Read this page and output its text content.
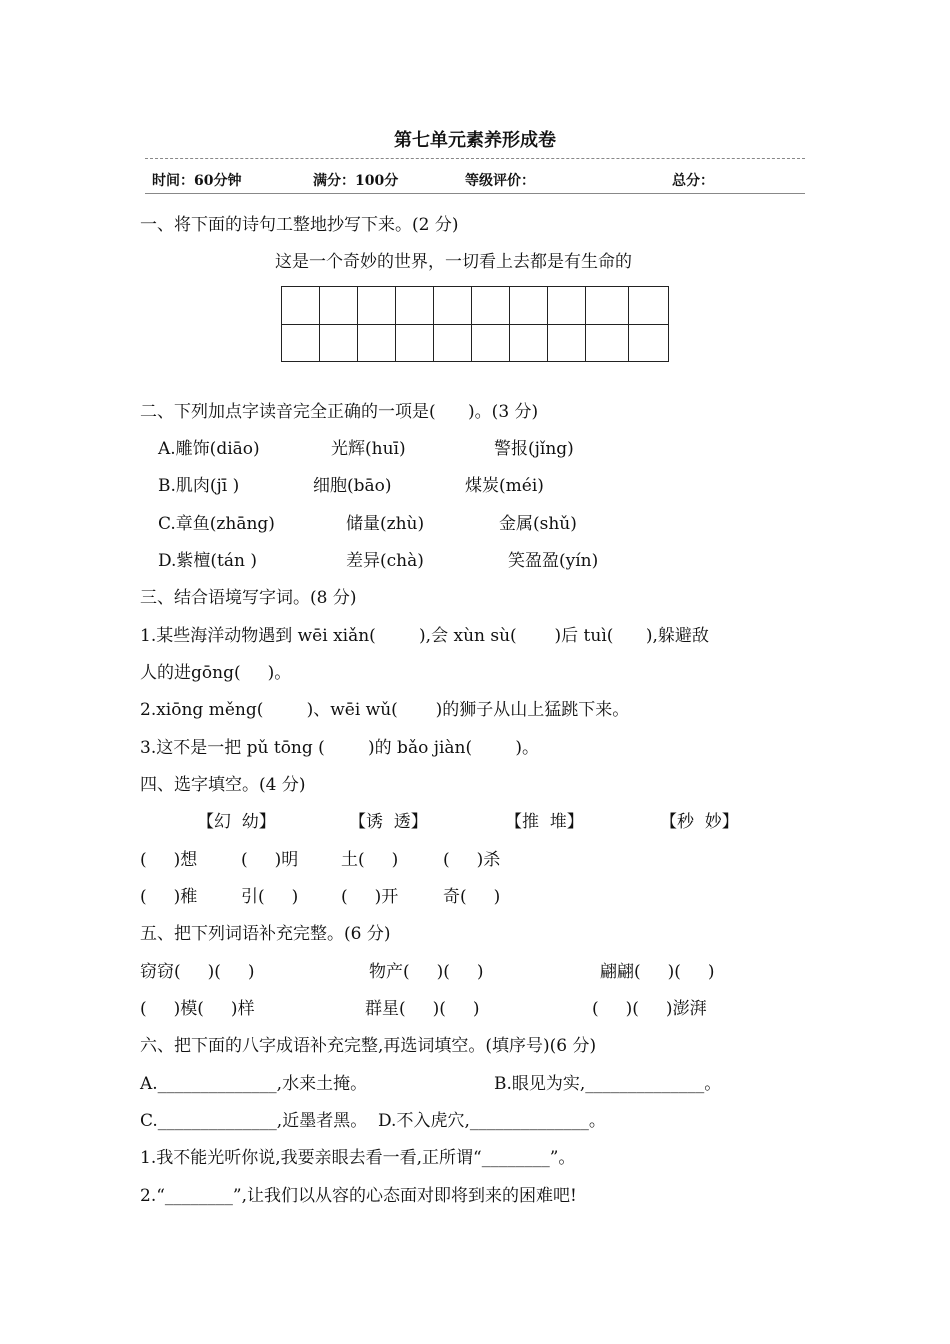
第七单元素养形成卷
时间：60分钟	满分：100分	等级评价：	总分：
一、将下面的诗句工整地抄写下来。(2 分)
这是一个奇妙的世界，一切看上去都是有生命的
二、下列加点字读音完全正确的一项是(      )。(3 分)
A.雕饰(diāo)	光辉(huī)	警报(jǐng)
B.肌肉(jī )	细胞(bāo)	煤炭(méi)
C.章鱼(zhāng)	储量(zhù)	金属(shǔ)
D.紫檀(tán )	差异(chà)	笑盈盈(yín)
三、结合语境写字词。(8 分)
1.某些海洋动物遇到 wēi xiǎn(        ),会 xùn sù(       )后 tuì(      ),躲避敌
人的进gōng(     )。
2.xiōng měng(        )、wēi wǔ(       )的狮子从山上猛跳下来。
3.这不是一把 pǔ tōng (        )的 bǎo jiàn(        )。
四、选字填空。(4 分)
【幻  幼】	【诱  透】	【推  堆】	【秒  妙】
(     )想	(     )明	土(     )	(     )杀
(     )稚	引(     )	(     )开	奇(     )
五、把下列词语补充完整。(6 分)
窃窃(     )(     )	物产(     )(     )	翩翩(     )(     )
(     )模(     )样	群星(     )(     )	(     )(     )澎湃
六、把下面的八字成语补充完整,再选词填空。(填序号)(6 分)
A.______________,水来土掩。	B.眼见为实,______________。
C.______________,近墨者黑。  D.不入虎穴,______________。
1.我不能光听你说,我要亲眼去看一看,正所谓“________”。
2.“________”,让我们以从容的心态面对即将到来的困难吧!
